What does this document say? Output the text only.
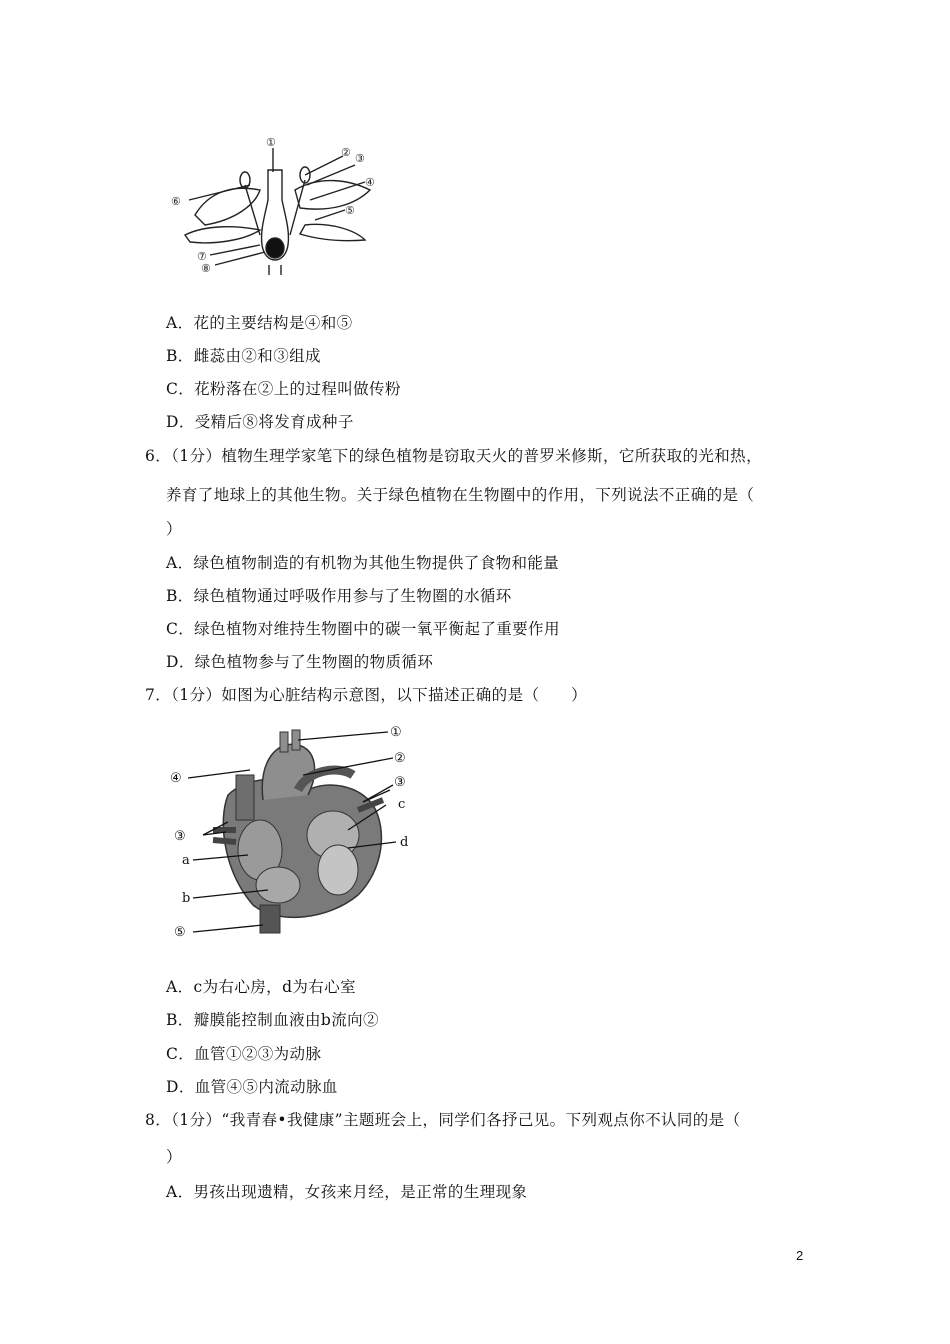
①
② ③
④
⑤
⑥
⑦
⑧
A．花的主要结构是④和⑤
B．雌蕊由②和③组成
C．花粉落在②上的过程叫做传粉
D．受精后⑧将发育成种子
6．（1分）植物生理学家笔下的绿色植物是窃取天火的普罗米修斯，它所获取的光和热，
养育了地球上的其他生物。关于绿色植物在生物圈中的作用，下列说法不正确的是（
）
A．绿色植物制造的有机物为其他生物提供了食物和能量
B．绿色植物通过呼吸作用参与了生物圈的水循环
C．绿色植物对维持生物圈中的碳一氧平衡起了重要作用
D．绿色植物参与了生物圈的物质循环
7．（1分）如图为心脏结构示意图，以下描述正确的是（　　）
①
②
③
④
③
c
a
d
b
⑤
A．c为右心房，d为右心室
B．瓣膜能控制血液由b流向②
C．血管①②③为动脉
D．血管④⑤内流动脉血
8．（1分）“我青春•我健康”主题班会上，同学们各抒己见。下列观点你不认同的是（
）
A．男孩出现遗精，女孩来月经，是正常的生理现象
2
